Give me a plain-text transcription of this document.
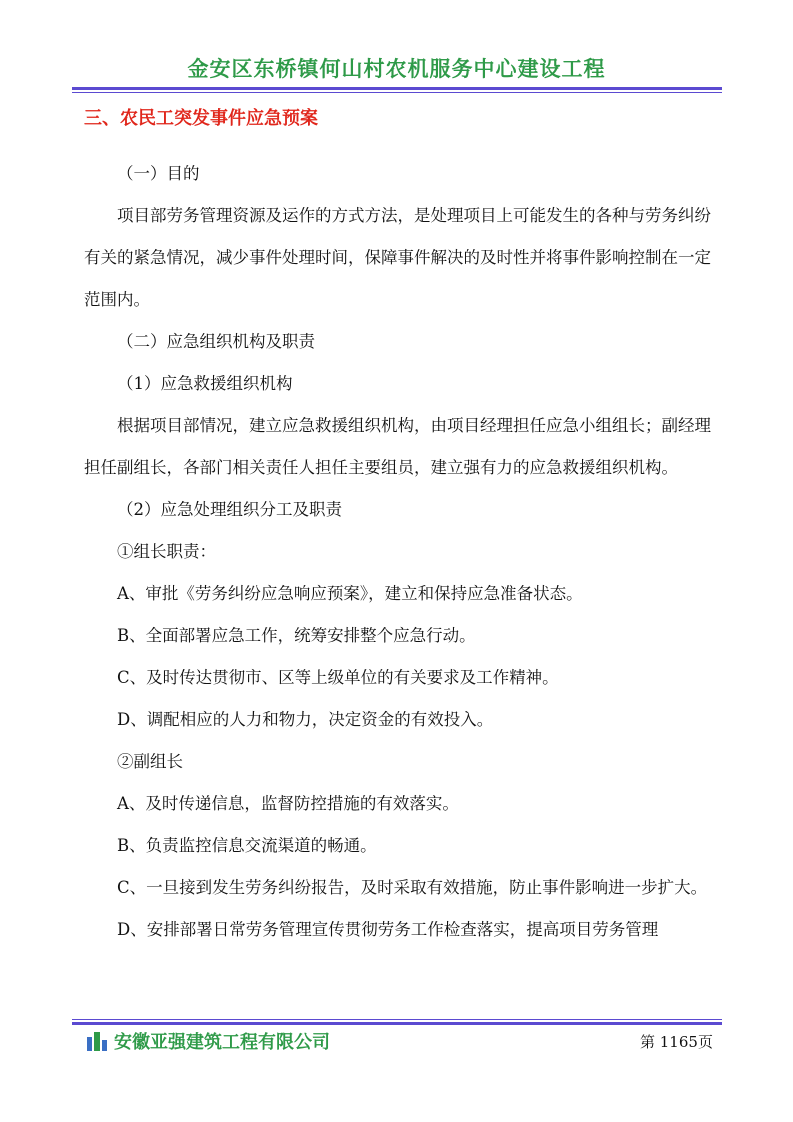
金安区东桥镇何山村农机服务中心建设工程
三、农民工突发事件应急预案

（一）目的

项目部劳务管理资源及运作的方式方法，是处理项目上可能发生的各种与劳务纠纷有关的紧急情况，减少事件处理时间，保障事件解决的及时性并将事件影响控制在一定范围内。

（二）应急组织机构及职责

（1）应急救援组织机构

根据项目部情况，建立应急救援组织机构，由项目经理担任应急小组组长；副经理担任副组长，各部门相关责任人担任主要组员，建立强有力的应急救援组织机构。

（2）应急处理组织分工及职责

①组长职责：

A、审批《劳务纠纷应急响应预案》，建立和保持应急准备状态。

B、全面部署应急工作，统筹安排整个应急行动。

C、及时传达贯彻市、区等上级单位的有关要求及工作精神。

D、调配相应的人力和物力，决定资金的有效投入。

②副组长

A、及时传递信息，监督防控措施的有效落实。

B、负责监控信息交流渠道的畅通。

C、一旦接到发生劳务纠纷报告，及时采取有效措施，防止事件影响进一步扩大。

D、安排部署日常劳务管理宣传贯彻劳务工作检查落实，提高项目劳务管理

安徽亚强建筑工程有限公司	第 1165页
